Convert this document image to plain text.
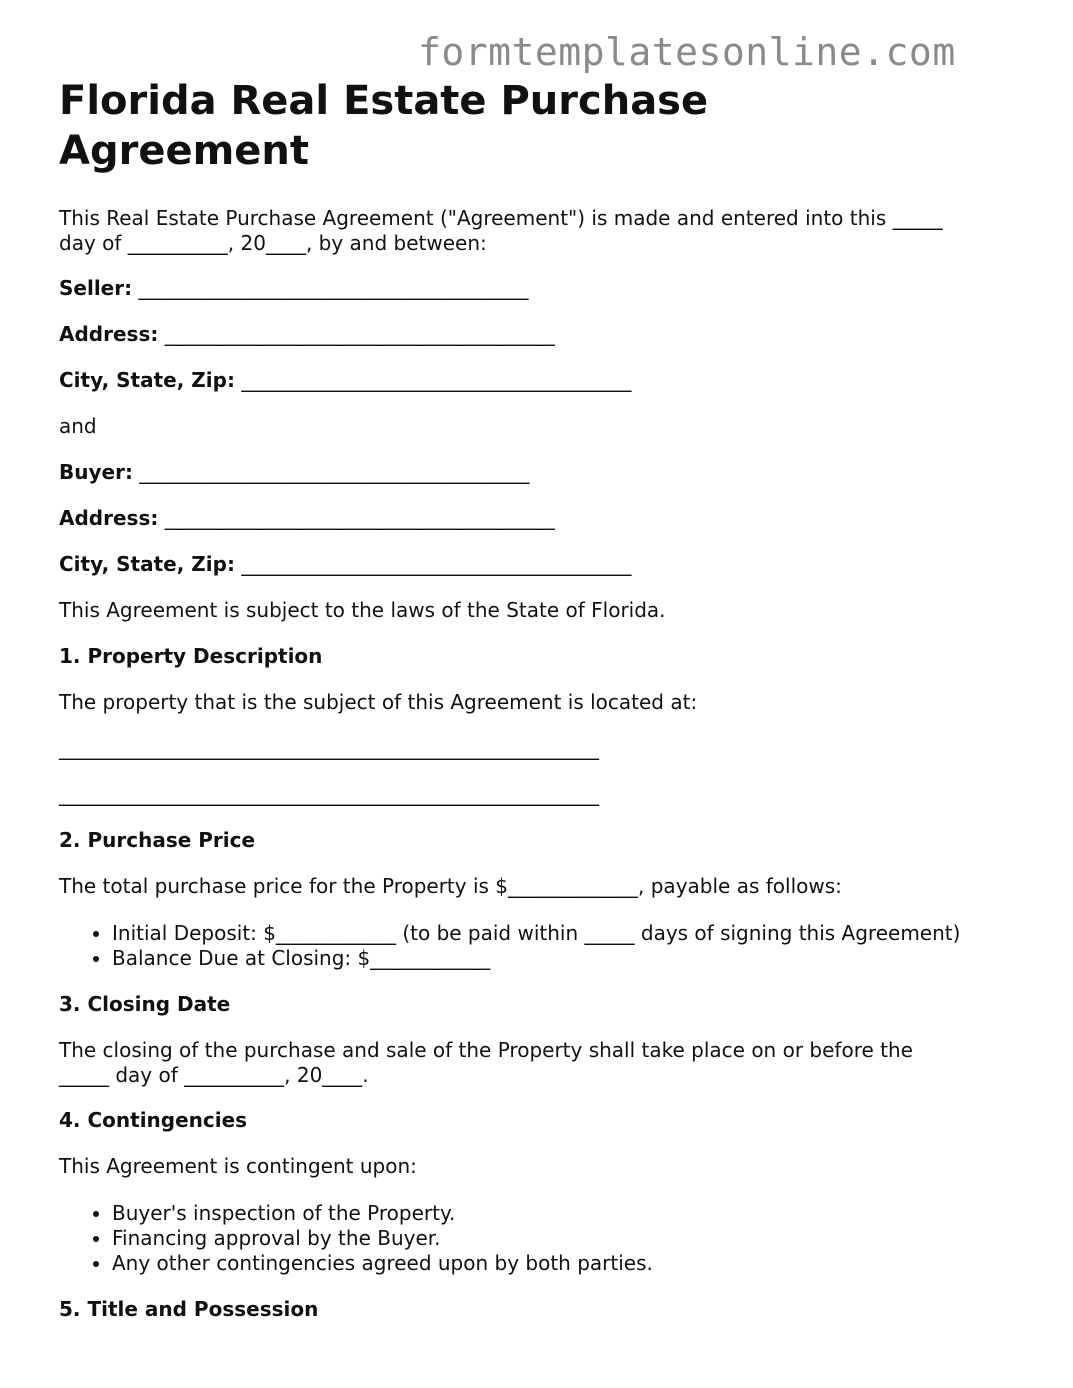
formtemplatesonline.com
Florida Real Estate Purchase
Agreement
This Real Estate Purchase Agreement ("Agreement") is made and entered into this _____
day of __________, 20____, by and between:
Seller: _______________________________________
Address: _______________________________________
City, State, Zip: _______________________________________
and
Buyer: _______________________________________
Address: _______________________________________
City, State, Zip: _______________________________________
This Agreement is subject to the laws of the State of Florida.
1. Property Description
The property that is the subject of this Agreement is located at:
______________________________________________________
______________________________________________________
2. Purchase Price
The total purchase price for the Property is $_____________, payable as follows:
• Initial Deposit: $____________ (to be paid within _____ days of signing this Agreement)
• Balance Due at Closing: $____________
3. Closing Date
The closing of the purchase and sale of the Property shall take place on or before the
_____ day of __________, 20____.
4. Contingencies
This Agreement is contingent upon:
• Buyer's inspection of the Property.
• Financing approval by the Buyer.
• Any other contingencies agreed upon by both parties.
5. Title and Possession
